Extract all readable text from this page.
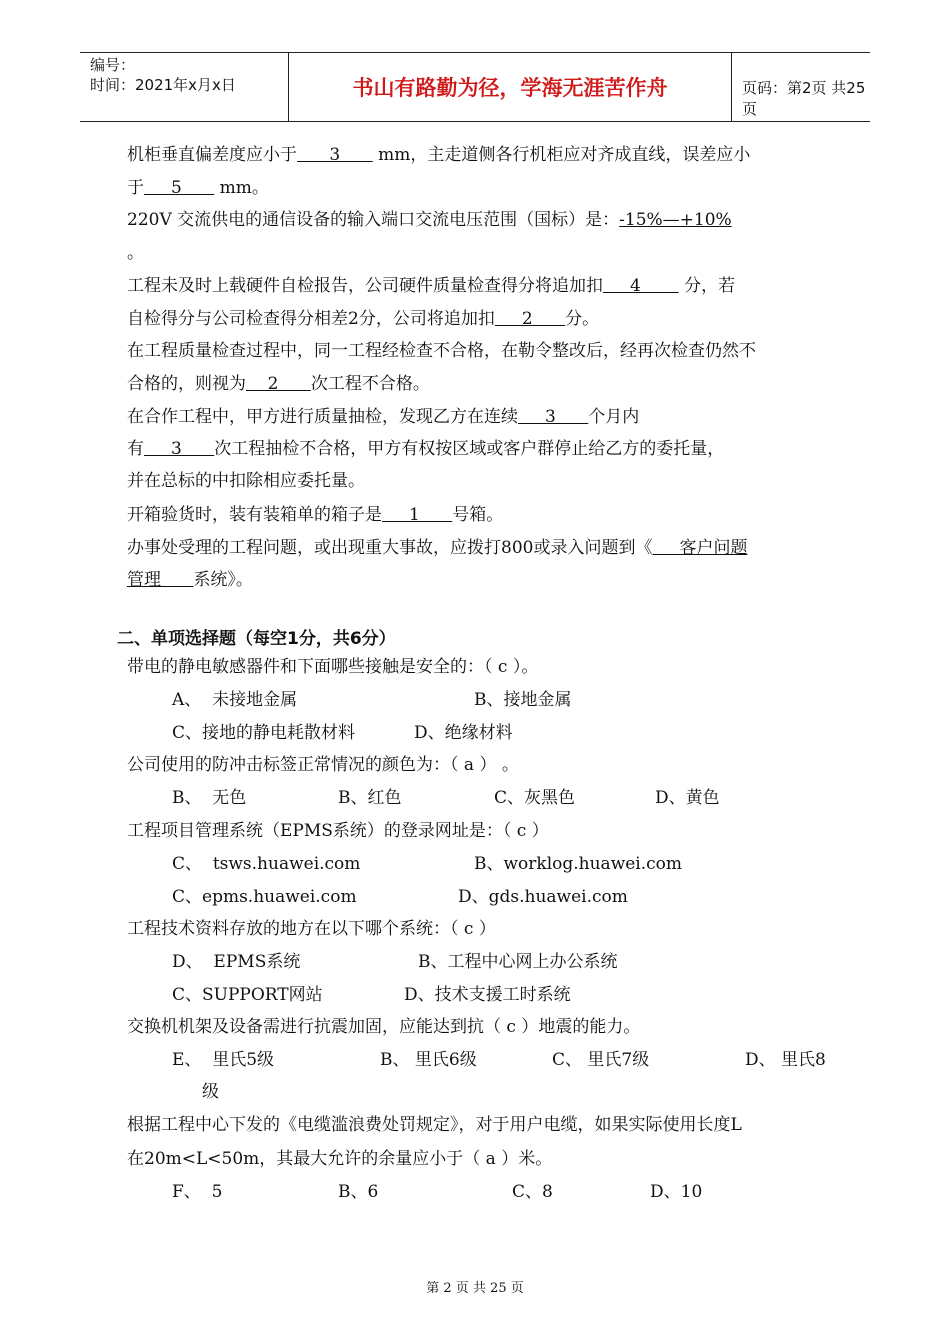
编号：
时间：2021年x月x日	书山有路勤为径，学海无涯苦作舟	页码：第2页 共25页
机柜垂直偏差度应小于      3       mm，主走道侧各行机柜应对齐成直线，误差应小
于     5       mm。
220V 交流供电的通信设备的输入端口交流电压范围（国标）是：-15%—+10%
。
工程未及时上载硬件自检报告，公司硬件质量检查得分将追加扣     4        分，若
自检得分与公司检查得分相差2分，公司将追加扣     2      分。
在工程质量检查过程中，同一工程经检查不合格，在勒令整改后，经再次检查仍然不
合格的，则视为    2      次工程不合格。
在合作工程中，甲方进行质量抽检，发现乙方在连续     3      个月内
有     3      次工程抽检不合格，甲方有权按区域或客户群停止给乙方的委托量，
并在总标的中扣除相应委托量。
开箱验货时，装有装箱单的箱子是     1      号箱。
办事处受理的工程问题，或出现重大事故，应拨打800或录入问题到《     客户问题
管理      系统》。
二、单项选择题（每空1分，共6分）
带电的静电敏感器件和下面哪些接触是安全的：（ c ）。
A、  未接地金属	B、接地金属
C、接地的静电耗散材料	D、绝缘材料
公司使用的防冲击标签正常情况的颜色为：（ a ） 。
B、  无色	B、红色	C、灰黑色	D、黄色
工程项目管理系统（EPMS系统）的登录网址是：（ c ）
C、  tsws.huawei.com	B、worklog.huawei.com
C、epms.huawei.com	D、gds.huawei.com
工程技术资料存放的地方在以下哪个系统：（ c ）
D、  EPMS系统	B、工程中心网上办公系统
C、SUPPORT网站	D、技术支援工时系统
交换机机架及设备需进行抗震加固，应能达到抗（ c ）地震的能力。
E、  里氏5级	B、 里氏6级	C、 里氏7级	D、 里氏8
级
根据工程中心下发的《电缆滥浪费处罚规定》，对于用户电缆，如果实际使用长度L
在20m<L<50m，其最大允许的余量应小于（ a ）米。
F、  5	B、6	C、8	D、10
第 2 页 共 25 页
